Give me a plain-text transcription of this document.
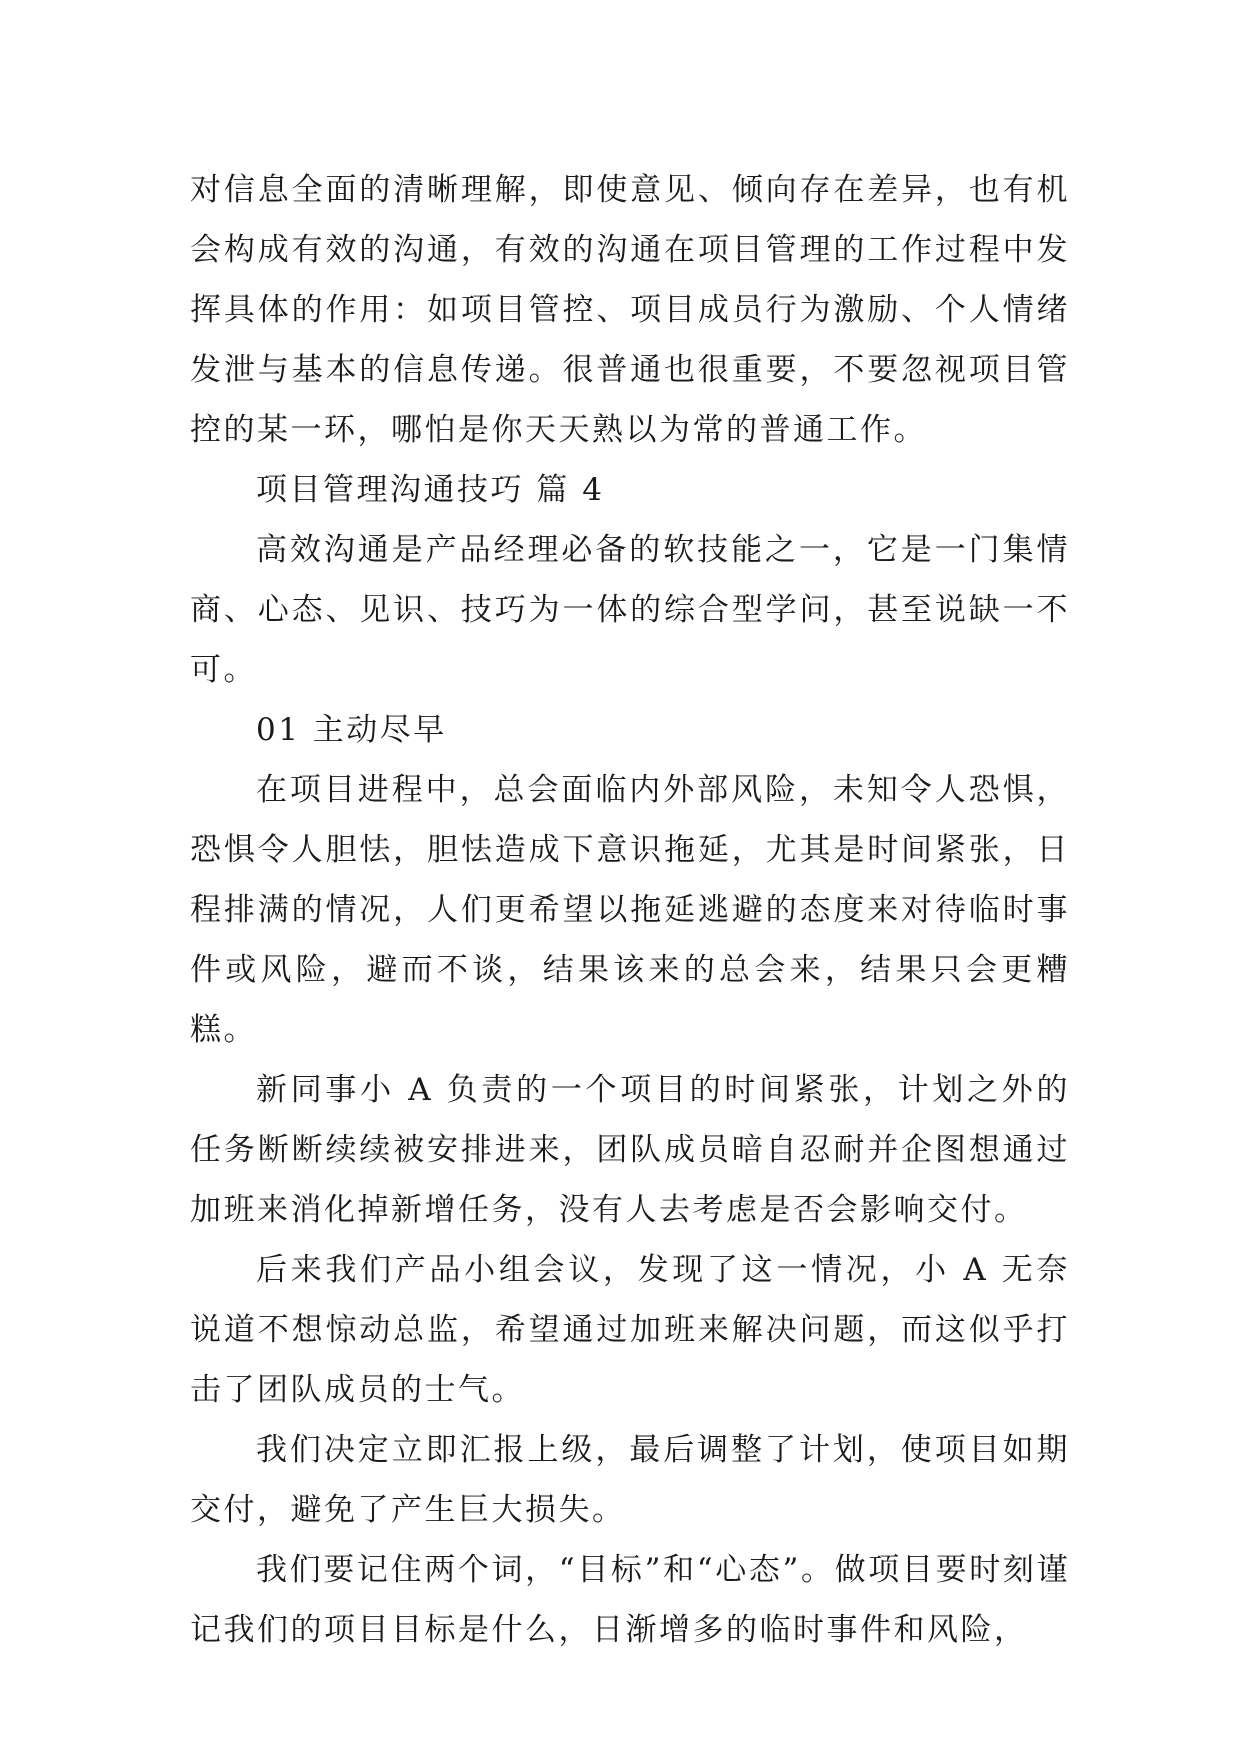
对信息全面的清晰理解，即使意见、倾向存在差异，也有机会构成有效的沟通，有效的沟通在项目管理的工作过程中发挥具体的作用：如项目管控、项目成员行为激励、个人情绪发泄与基本的信息传递。很普通也很重要，不要忽视项目管控的某一环，哪怕是你天天熟以为常的普通工作。

项目管理沟通技巧 篇 4

高效沟通是产品经理必备的软技能之一，它是一门集情商、心态、见识、技巧为一体的综合型学问，甚至说缺一不可。

01 主动尽早

在项目进程中，总会面临内外部风险，未知令人恐惧，恐惧令人胆怯，胆怯造成下意识拖延，尤其是时间紧张，日程排满的情况，人们更希望以拖延逃避的态度来对待临时事件或风险，避而不谈，结果该来的总会来，结果只会更糟糕。

新同事小 A 负责的一个项目的时间紧张，计划之外的任务断断续续被安排进来，团队成员暗自忍耐并企图想通过加班来消化掉新增任务，没有人去考虑是否会影响交付。

后来我们产品小组会议，发现了这一情况，小 A 无奈说道不想惊动总监，希望通过加班来解决问题，而这似乎打击了团队成员的士气。

我们决定立即汇报上级，最后调整了计划，使项目如期交付，避免了产生巨大损失。

我们要记住两个词，“目标”和“心态”。做项目要时刻谨记我们的项目目标是什么，日渐增多的临时事件和风险，
